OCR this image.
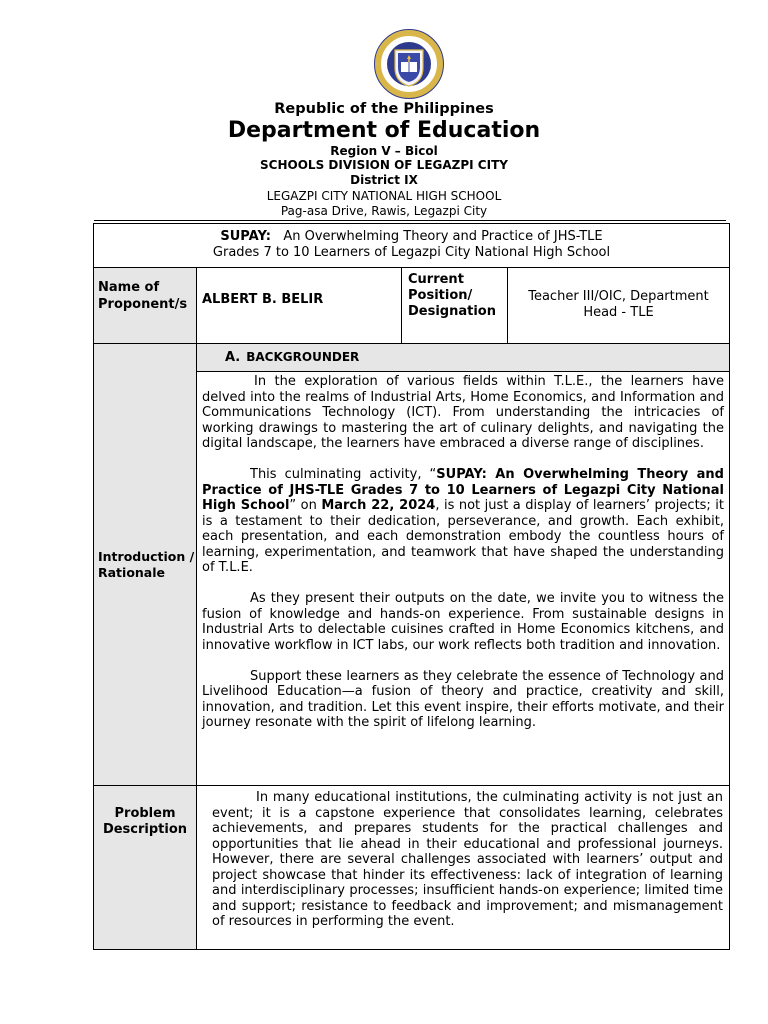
Republic of the Philippines
Department of Education
Region V – Bicol
SCHOOLS DIVISION OF LEGAZPI CITY
District IX
LEGAZPI CITY NATIONAL HIGH SCHOOL
Pag-asa Drive, Rawis, Legazpi City
SUPAY: An Overwhelming Theory and Practice of JHS-TLE
Grades 7 to 10 Learners of Legazpi City National High School
Name of Proponent/s	ALBERT B. BELIR
Current Position/ Designation
Teacher III/OIC, Department Head - TLE
Introduction / Rationale
A. BACKGROUNDER

In the exploration of various fields within T.L.E., the learners have delved into the realms of Industrial Arts, Home Economics, and Information and Communications Technology (ICT). From understanding the intricacies of working drawings to mastering the art of culinary delights, and navigating the digital landscape, the learners have embraced a diverse range of disciplines.

This culminating activity, “SUPAY: An Overwhelming Theory and Practice of JHS-TLE Grades 7 to 10 Learners of Legazpi City National High School” on March 22, 2024, is not just a display of learners’ projects; it is a testament to their dedication, perseverance, and growth. Each exhibit, each presentation, and each demonstration embody the countless hours of learning, experimentation, and teamwork that have shaped the understanding of T.L.E.

As they present their outputs on the date, we invite you to witness the fusion of knowledge and hands-on experience. From sustainable designs in Industrial Arts to delectable cuisines crafted in Home Economics kitchens, and innovative workflow in ICT labs, our work reflects both tradition and innovation.

Support these learners as they celebrate the essence of Technology and Livelihood Education—a fusion of theory and practice, creativity and skill, innovation, and tradition. Let this event inspire, their efforts motivate, and their journey resonate with the spirit of lifelong learning.

Problem Description

In many educational institutions, the culminating activity is not just an event; it is a capstone experience that consolidates learning, celebrates achievements, and prepares students for the practical challenges and opportunities that lie ahead in their educational and professional journeys. However, there are several challenges associated with learners’ output and project showcase that hinder its effectiveness: lack of integration of learning and interdisciplinary processes; insufficient hands-on experience; limited time and support; resistance to feedback and improvement; and mismanagement of resources in performing the event.
